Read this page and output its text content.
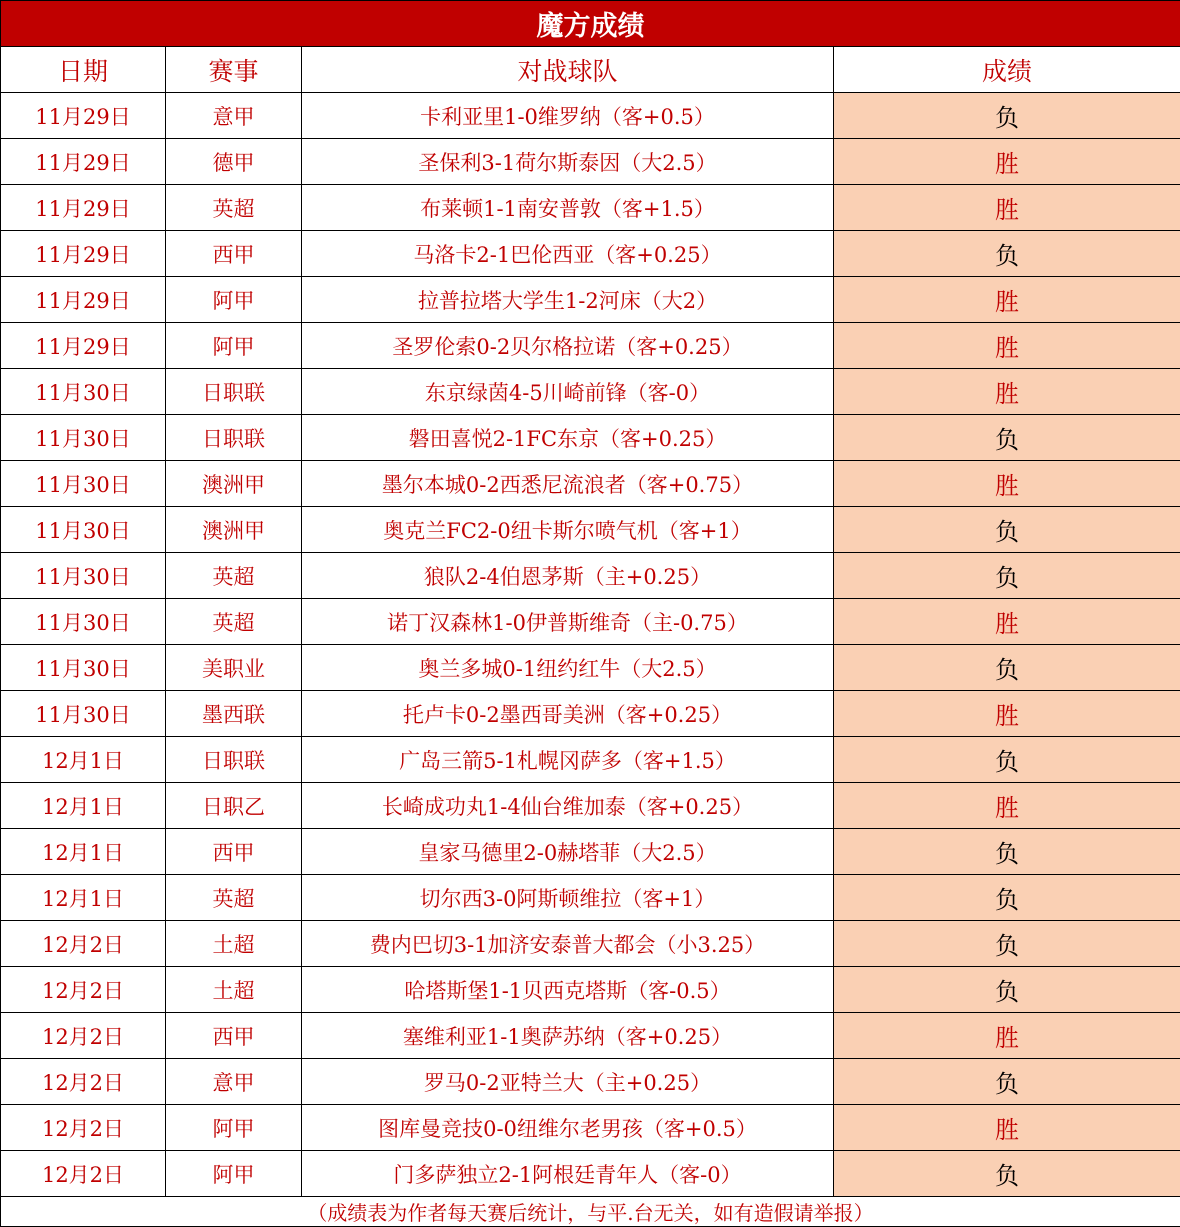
魔方成绩			
日期	赛事	对战球队	成绩
11月29日	意甲	卡利亚里1-0维罗纳（客+0.5）	负
11月29日	德甲	圣保利3-1荷尔斯泰因（大2.5）	胜
11月29日	英超	布莱顿1-1南安普敦（客+1.5）	胜
11月29日	西甲	马洛卡2-1巴伦西亚（客+0.25）	负
11月29日	阿甲	拉普拉塔大学生1-2河床（大2）	胜
11月29日	阿甲	圣罗伦索0-2贝尔格拉诺（客+0.25）	胜
11月30日	日职联	东京绿茵4-5川崎前锋（客-0）	胜
11月30日	日职联	磐田喜悦2-1FC东京（客+0.25）	负
11月30日	澳洲甲	墨尔本城0-2西悉尼流浪者（客+0.75）	胜
11月30日	澳洲甲	奥克兰FC2-0纽卡斯尔喷气机（客+1）	负
11月30日	英超	狼队2-4伯恩茅斯（主+0.25）	负
11月30日	英超	诺丁汉森林1-0伊普斯维奇（主-0.75）	胜
11月30日	美职业	奥兰多城0-1纽约红牛（大2.5）	负
11月30日	墨西联	托卢卡0-2墨西哥美洲（客+0.25）	胜
12月1日	日职联	广岛三箭5-1札幌冈萨多（客+1.5）	负
12月1日	日职乙	长崎成功丸1-4仙台维加泰（客+0.25）	胜
12月1日	西甲	皇家马德里2-0赫塔菲（大2.5）	负
12月1日	英超	切尔西3-0阿斯顿维拉（客+1）	负
12月2日	土超	费内巴切3-1加济安泰普大都会（小3.25）	负
12月2日	土超	哈塔斯堡1-1贝西克塔斯（客-0.5）	负
12月2日	西甲	塞维利亚1-1奥萨苏纳（客+0.25）	胜
12月2日	意甲	罗马0-2亚特兰大（主+0.25）	负
12月2日	阿甲	图库曼竞技0-0纽维尔老男孩（客+0.5）	胜
12月2日	阿甲	门多萨独立2-1阿根廷青年人（客-0）	负
（成绩表为作者每天赛后统计，与平.台无关，如有造假请举报）			
